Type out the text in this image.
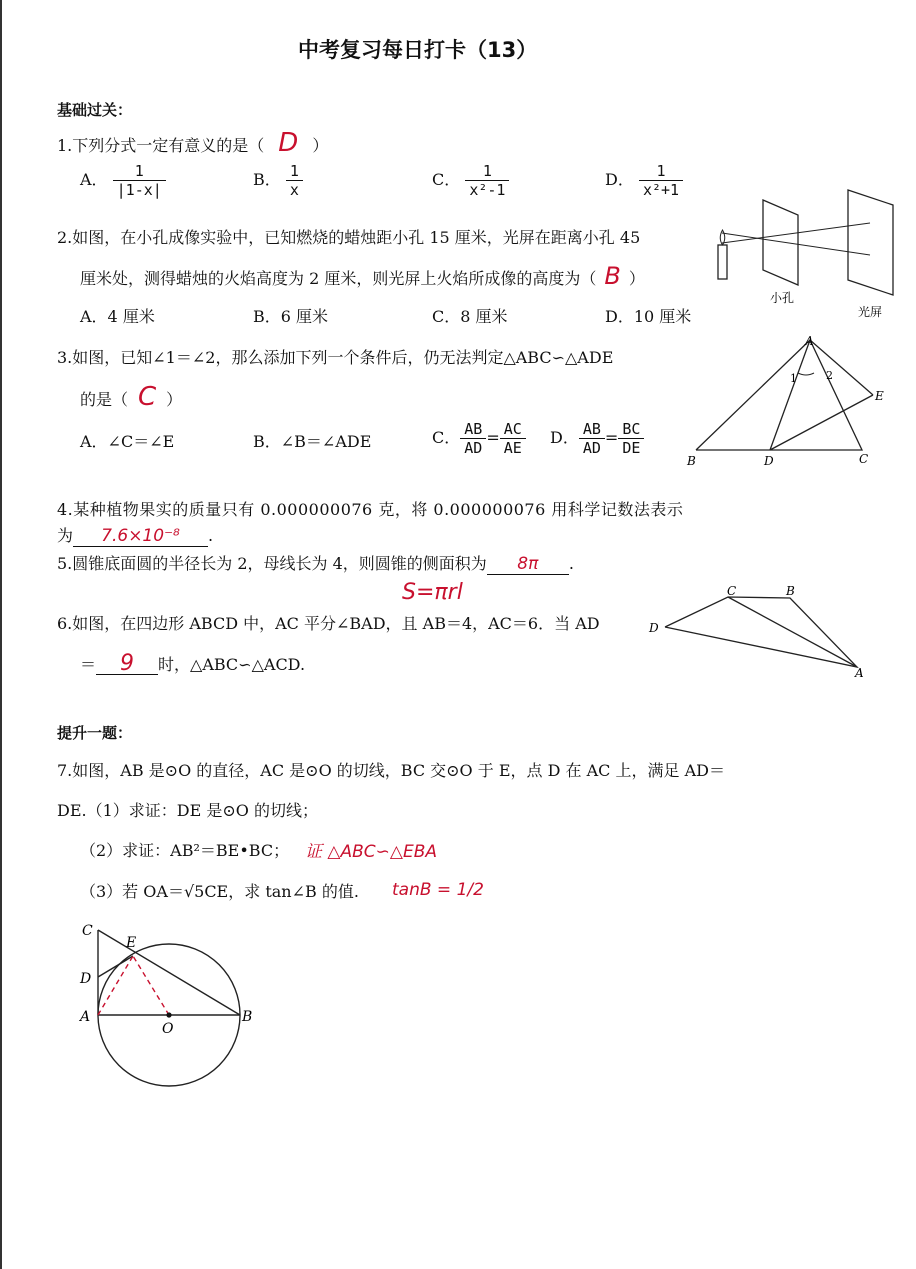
中考复习每日打卡（13）
基础过关：
1.下列分式一定有意义的是（ D ）
A． $\frac{1}{|1-x|}$	B． $\frac{1}{x}$	C． $\frac{1}{\text{x²-1}}$	D． $\frac{1}{\text{x²+1}}$
2.如图，在小孔成像实验中，已知燃烧的蜡烛距小孔 15 厘米，光屏在距离小孔 45
厘米处，测得蜡烛的火焰高度为 2 厘米，则光屏上火焰所成像的高度为（ B ）
A．4 厘米	B．6 厘米	C．8 厘米	D．10 厘米
小孔
光屏
3.如图，已知∠1＝∠2，那么添加下列一个条件后，仍无法判定△ABC∽△ADE
的是（ C ）
A．∠C＝∠E	B．∠B＝∠ADE	C． $\frac{AB}{AD} = \frac{AC}{AE}$ D． $\frac{AB}{AD} = \frac{BC}{DE}$
A
B	C
D
E
1	2
4.某种植物果实的质量只有 0.000000076 克，将 0.000000076 用科学记数法表示
为 7.6×10⁻⁸ .
5.圆锥底面圆的半径长为 2，母线长为 4，则圆锥的侧面积为 8π .
S=πrl
6.如图，在四边形 ABCD 中，AC 平分∠BAD，且 AB＝4，AC＝6．当 AD
＝ 9 时，△ABC∽△ACD.
C	B
D
A
提升一题：
7.如图，AB 是⊙O 的直径，AC 是⊙O 的切线，BC 交⊙O 于 E，点 D 在 AC 上，满足 AD＝
DE.（1）求证：DE 是⊙O 的切线；
（2）求证：AB²＝BE•BC； 证 △ABC∽△EBA
（3）若 OA＝√5CE，求 tan∠B 的值. tanB = 1/2
C
E
D
A	B
O
